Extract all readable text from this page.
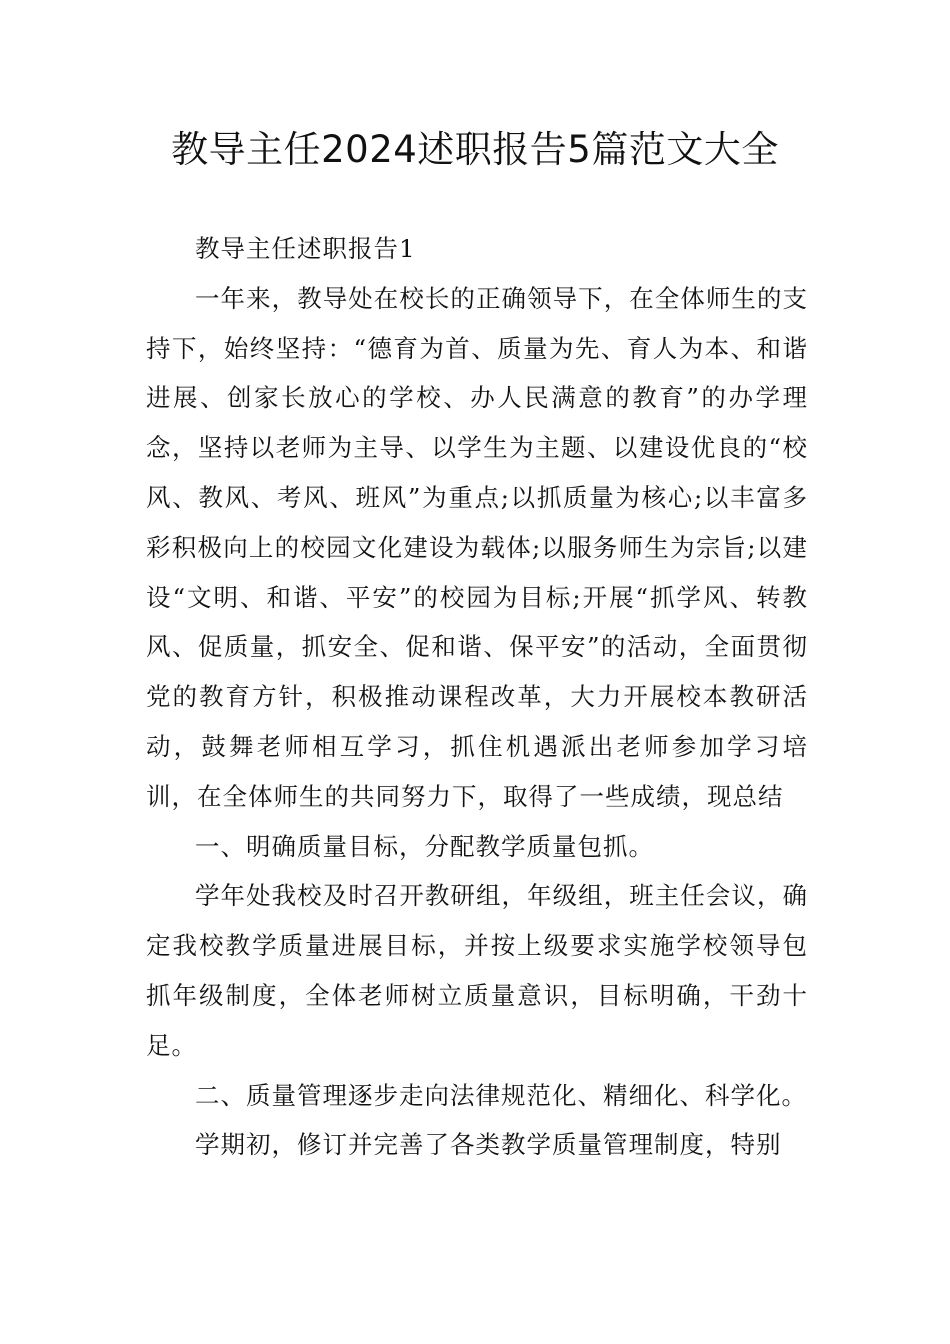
教导主任2024述职报告5篇范文大全

教导主任述职报告1

一年来，教导处在校长的正确领导下，在全体师生的支持下，始终坚持：“德育为首、质量为先、育人为本、和谐进展、创家长放心的学校、办人民满意的教育”的办学理念，坚持以老师为主导、以学生为主题、以建设优良的“校风、教风、考风、班风”为重点;以抓质量为核心;以丰富多彩积极向上的校园文化建设为载体;以服务师生为宗旨;以建设“文明、和谐、平安”的校园为目标;开展“抓学风、转教风、促质量，抓安全、促和谐、保平安”的活动，全面贯彻党的教育方针，积极推动课程改革，大力开展校本教研活动，鼓舞老师相互学习，抓住机遇派出老师参加学习培训，在全体师生的共同努力下，取得了一些成绩，现总结

一、明确质量目标，分配教学质量包抓。

学年处我校及时召开教研组，年级组，班主任会议，确定我校教学质量进展目标，并按上级要求实施学校领导包抓年级制度，全体老师树立质量意识，目标明确，干劲十足。

二、质量管理逐步走向法律规范化、精细化、科学化。

学期初，修订并完善了各类教学质量管理制度，特别
